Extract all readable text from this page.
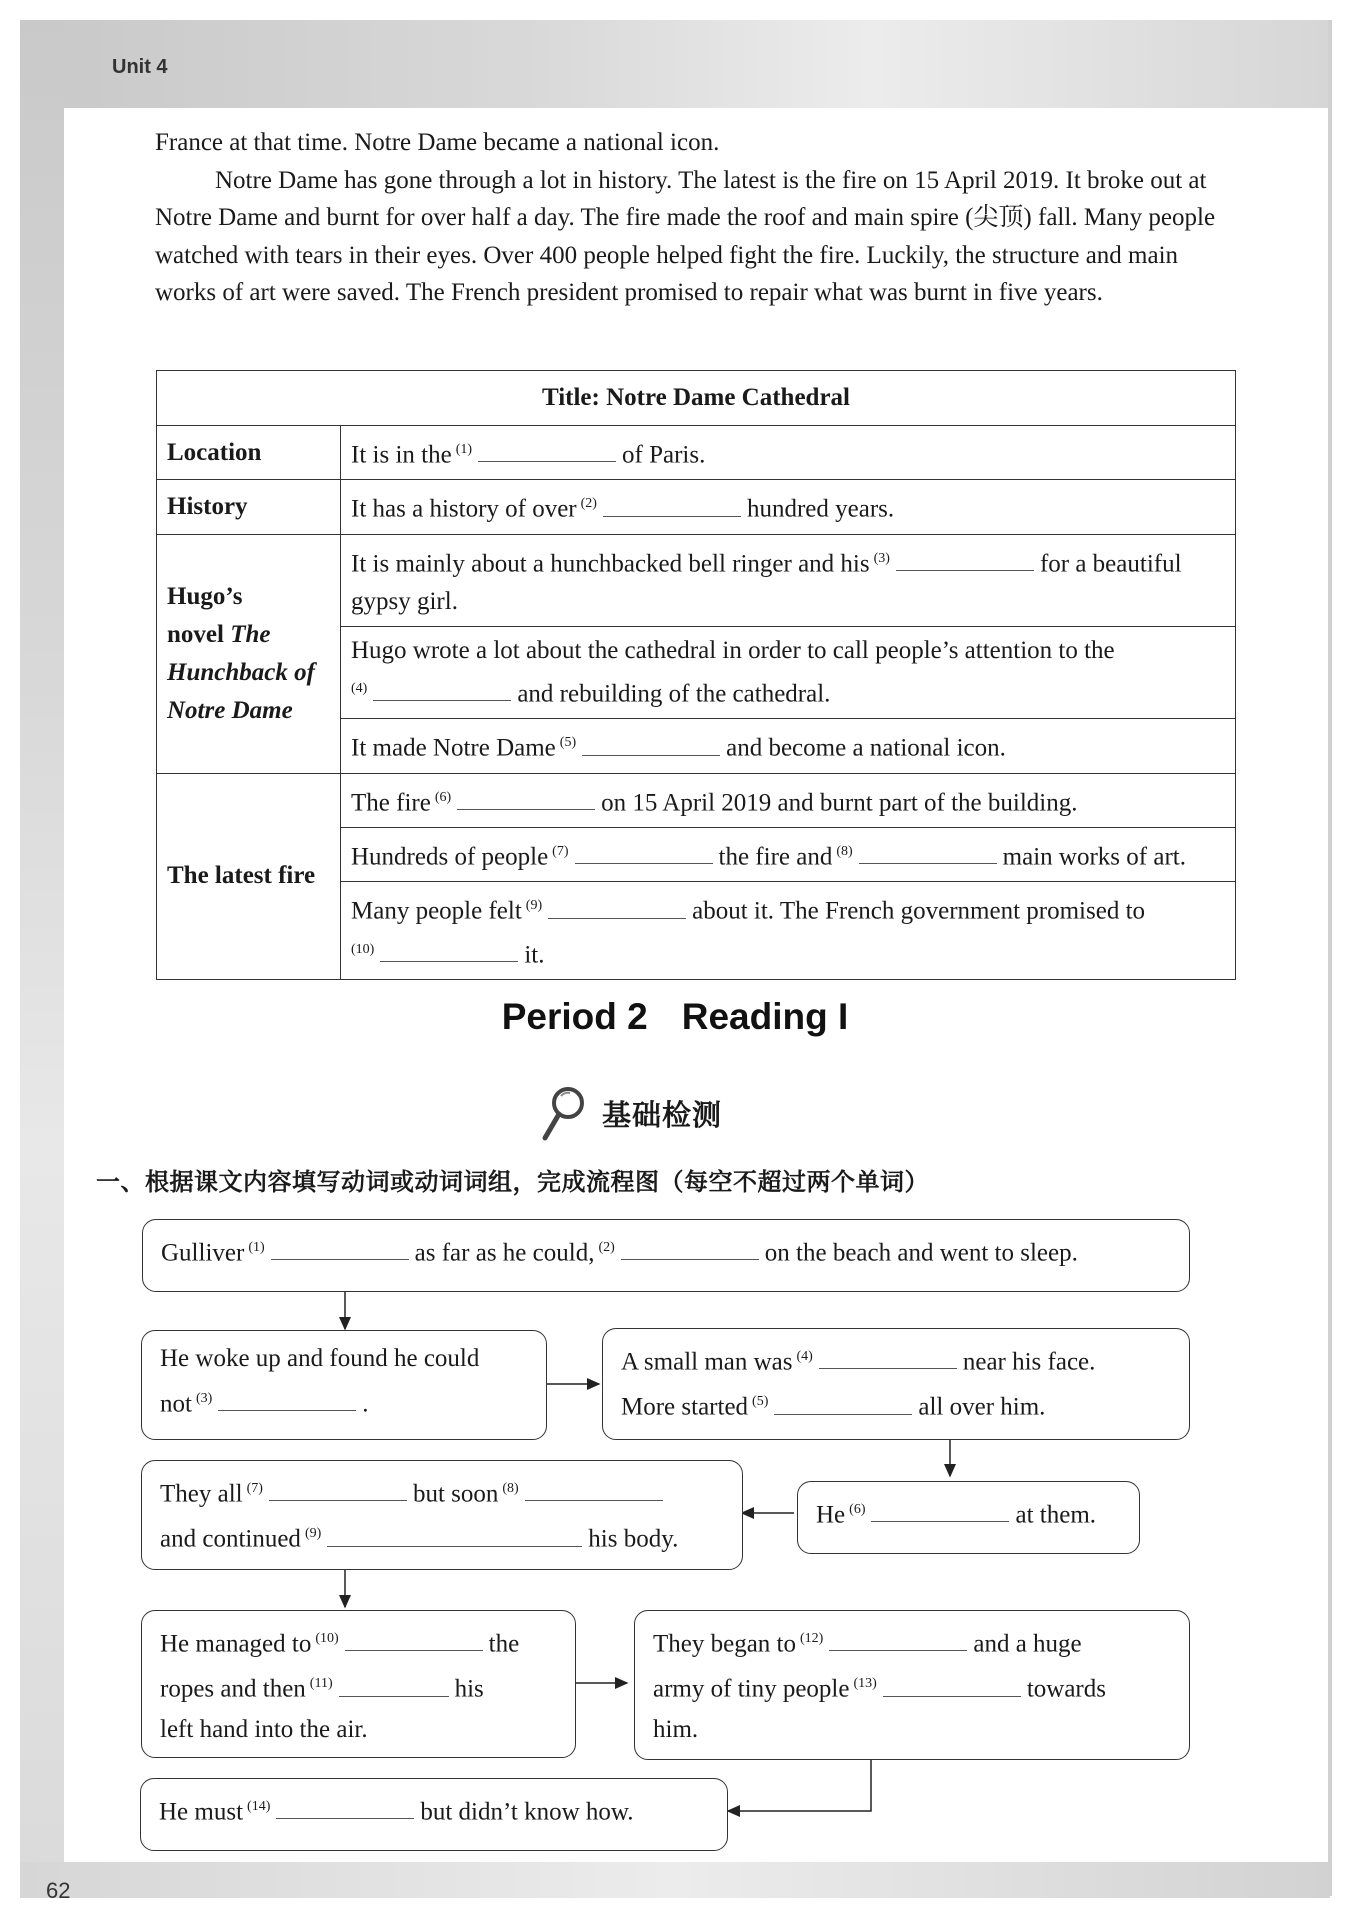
Unit 4
62

France at that time. Notre Dame became a national icon.

Notre Dame has gone through a lot in history. The latest is the fire on 15 April 2019. It broke out at Notre Dame and burnt for over half a day. The fire made the roof and main spire (尖顶) fall. Many people watched with tears in their eyes. Over 400 people helped fight the fire. Luckily, the structure and main works of art were saved. The French president promised to repair what was burnt in five years.

Title: Notre Dame Cathedral	
Location	It is in the $^{(1)}$ of Paris.
History	It has a history of over $^{(2)}$ hundred years.
Hugo’s
novel The Hunchback of Notre Dame	It is mainly about a hunchbacked bell ringer and his $^{(3)}$ for a beautiful gypsy girl.
	Hugo wrote a lot about the cathedral in order to call people’s attention to the
$^{(4)}$ and rebuilding of the cathedral.
	It made Notre Dame $^{(5)}$ and become a national icon.
The latest fire	The fire $^{(6)}$ on 15 April 2019 and burnt part of the building.
	Hundreds of people $^{(7)}$ the fire and $^{(8)}$ main works of art.
	Many people felt $^{(9)}$ about it. The French government promised to
$^{(10)}$ it.
Period 2 Reading I
基础检测
一、根据课文内容填写动词或动词词组，完成流程图（每空不超过两个单词）
Gulliver $^{(1)}$	as far as he could, $^{(2)}$	on the beach and went to sleep.
He woke up and found he could
not $^{(3)}$	.
A small man was $^{(4)}$	near his face.
More started $^{(5)}$	all over him.
He $^{(6)}$	at them.
They all $^{(7)}$	but soon $^{(8)}$
and continued $^{(9)}$	his body.
He managed to $^{(10)}$	the
ropes and then $^{(11)}$	his
left hand into the air.
They began to $^{(12)}$	and a huge
army of tiny people $^{(13)}$	towards
him.
He must $^{(14)}$	but didn’t know how.
